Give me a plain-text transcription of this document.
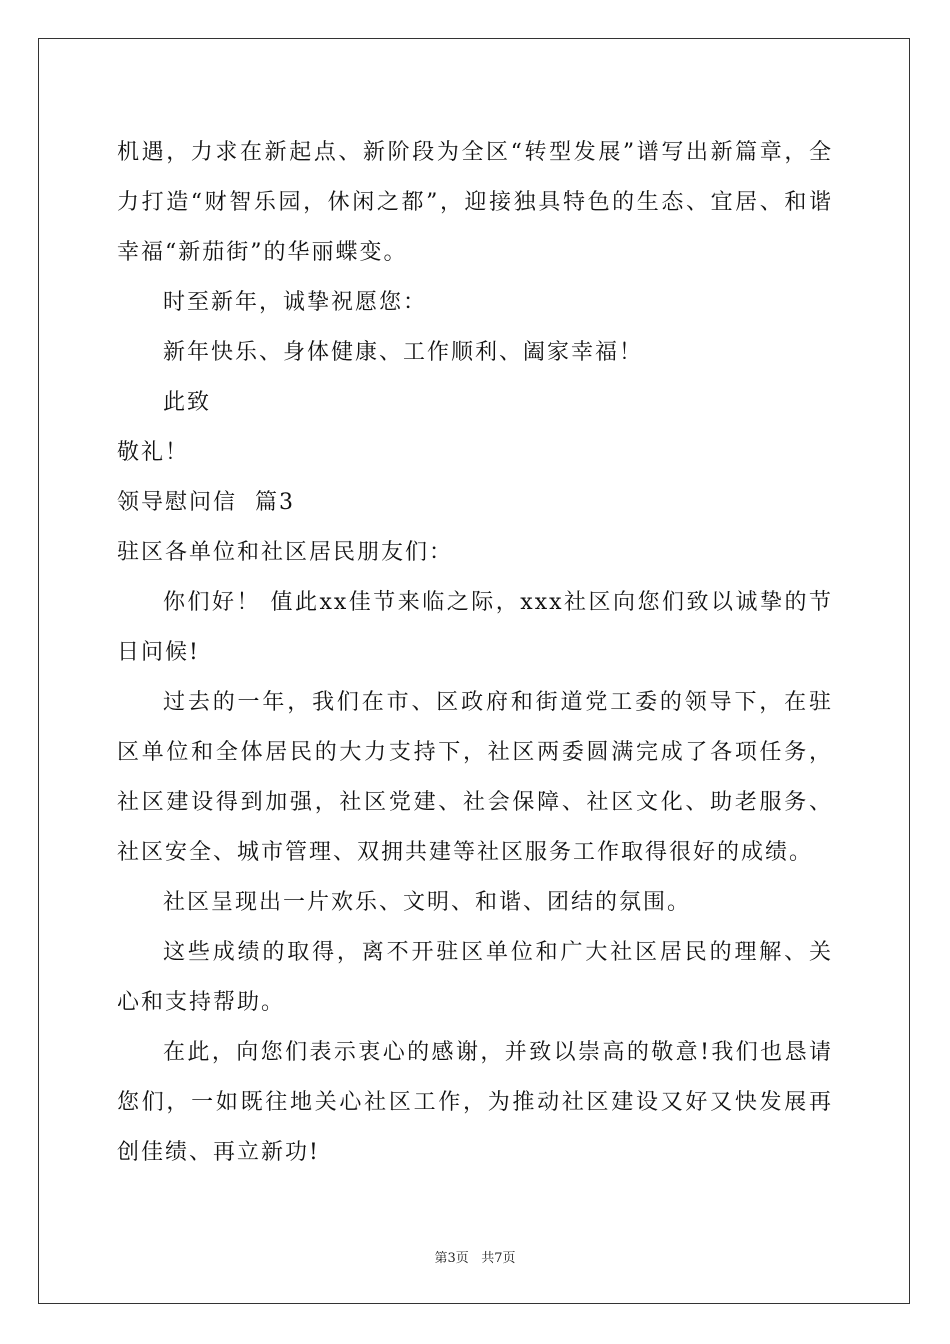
机遇，力求在新起点、新阶段为全区“转型发展”谱写出新篇章，全力打造“财智乐园，休闲之都”，迎接独具特色的生态、宜居、和谐幸福“新茄街”的华丽蝶变。

时至新年，诚挚祝愿您：

新年快乐、身体健康、工作顺利、阖家幸福！

此致

敬礼！

领导慰问信  篇3

驻区各单位和社区居民朋友们：

你们好！ 值此xx佳节来临之际，xxx社区向您们致以诚挚的节日问候!

过去的一年，我们在市、区政府和街道党工委的领导下，在驻区单位和全体居民的大力支持下，社区两委圆满完成了各项任务，社区建设得到加强，社区党建、社会保障、社区文化、助老服务、社区安全、城市管理、双拥共建等社区服务工作取得很好的成绩。

社区呈现出一片欢乐、文明、和谐、团结的氛围。

这些成绩的取得，离不开驻区单位和广大社区居民的理解、关心和支持帮助。

在此，向您们表示衷心的感谢，并致以崇高的敬意!我们也恳请您们，一如既往地关心社区工作，为推动社区建设又好又快发展再创佳绩、再立新功!

第3页 共7页
